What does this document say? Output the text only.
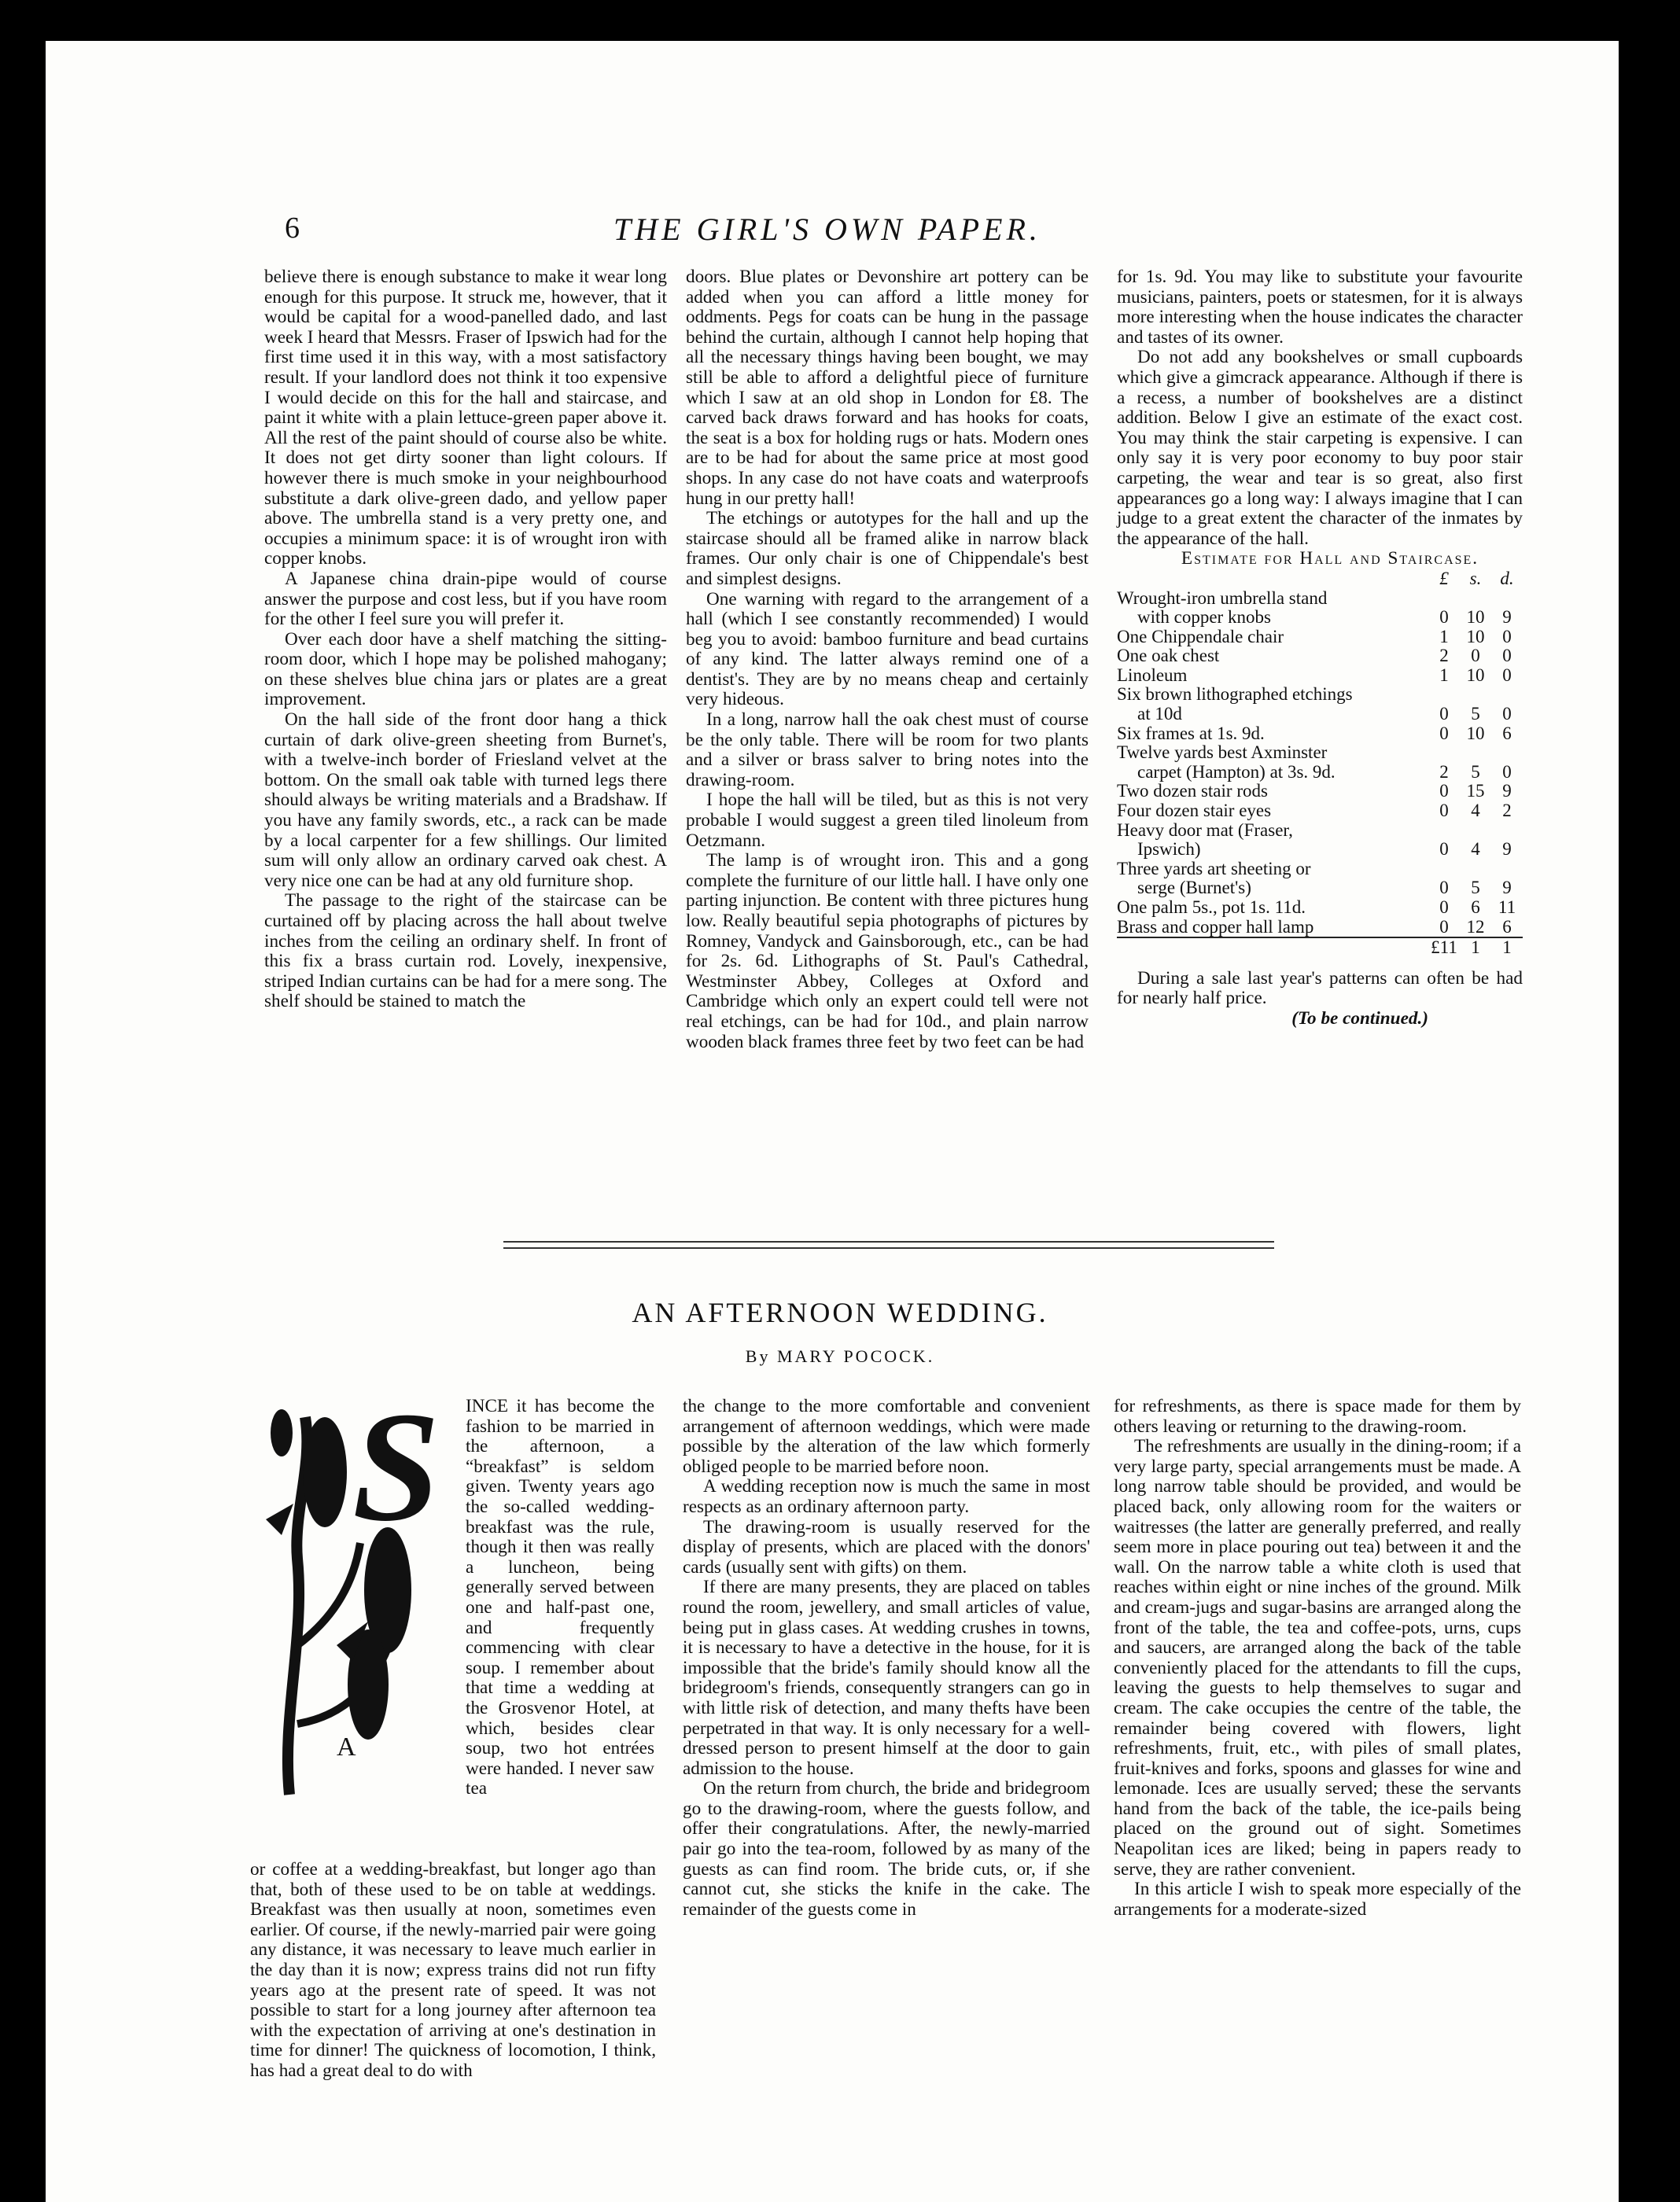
6	THE GIRL'S OWN PAPER.

believe there is enough substance to make it wear long enough for this purpose. It struck me, however, that it would be capital for a wood-panelled dado, and last week I heard that Messrs. Fraser of Ipswich had for the first time used it in this way, with a most satisfactory result. If your landlord does not think it too expensive I would decide on this for the hall and staircase, and paint it white with a plain lettuce-green paper above it. All the rest of the paint should of course also be white. It does not get dirty sooner than light colours. If however there is much smoke in your neighbourhood substitute a dark olive-green dado, and yellow paper above. The umbrella stand is a very pretty one, and occupies a minimum space: it is of wrought iron with copper knobs.

A Japanese china drain-pipe would of course answer the purpose and cost less, but if you have room for the other I feel sure you will prefer it.

Over each door have a shelf matching the sitting-room door, which I hope may be polished mahogany; on these shelves blue china jars or plates are a great improvement.

On the hall side of the front door hang a thick curtain of dark olive-green sheeting from Burnet's, with a twelve-inch border of Friesland velvet at the bottom. On the small oak table with turned legs there should always be writing materials and a Bradshaw. If you have any family swords, etc., a rack can be made by a local carpenter for a few shillings. Our limited sum will only allow an ordinary carved oak chest. A very nice one can be had at any old furniture shop.

The passage to the right of the staircase can be curtained off by placing across the hall about twelve inches from the ceiling an ordinary shelf. In front of this fix a brass curtain rod. Lovely, inexpensive, striped Indian curtains can be had for a mere song. The shelf should be stained to match the

doors. Blue plates or Devonshire art pottery can be added when you can afford a little money for oddments. Pegs for coats can be hung in the passage behind the curtain, although I cannot help hoping that all the necessary things having been bought, we may still be able to afford a delightful piece of furniture which I saw at an old shop in London for £8. The carved back draws forward and has hooks for coats, the seat is a box for holding rugs or hats. Modern ones are to be had for about the same price at most good shops. In any case do not have coats and waterproofs hung in our pretty hall!

The etchings or autotypes for the hall and up the staircase should all be framed alike in narrow black frames. Our only chair is one of Chippendale's best and simplest designs.

One warning with regard to the arrangement of a hall (which I see constantly recommended) I would beg you to avoid: bamboo furniture and bead curtains of any kind. The latter always remind one of a dentist's. They are by no means cheap and certainly very hideous.

In a long, narrow hall the oak chest must of course be the only table. There will be room for two plants and a silver or brass salver to bring notes into the drawing-room.

I hope the hall will be tiled, but as this is not very probable I would suggest a green tiled linoleum from Oetzmann.

The lamp is of wrought iron. This and a gong complete the furniture of our little hall. I have only one parting injunction. Be content with three pictures hung low. Really beautiful sepia photographs of pictures by Romney, Vandyck and Gainsborough, etc., can be had for 2s. 6d. Lithographs of St. Paul's Cathedral, Westminster Abbey, Colleges at Oxford and Cambridge which only an expert could tell were not real etchings, can be had for 10d., and plain narrow wooden black frames three feet by two feet can be had

for 1s. 9d. You may like to substitute your favourite musicians, painters, poets or statesmen, for it is always more interesting when the house indicates the character and tastes of its owner.

Do not add any bookshelves or small cupboards which give a gimcrack appearance. Although if there is a recess, a number of bookshelves are a distinct addition. Below I give an estimate of the exact cost. You may think the stair carpeting is expensive. I can only say it is very poor economy to buy poor stair carpeting, the wear and tear is so great, also first appearances go a long way: I always imagine that I can judge to a great extent the character of the inmates by the appearance of the hall.

Estimate for Hall and Staircase.

	£	s.	d.

Wrought-iron umbrella stand
with copper knobs	0	10	9
One Chippendale chair	1	10	0
One oak chest	2	0	0
Linoleum	1	10	0

Six brown lithographed etchings
at 10d	0	5	0
Six frames at 1s. 9d.	0	10	6

Twelve yards best Axminster
carpet (Hampton) at 3s. 9d.	2	5	0
Two dozen stair rods	0	15	9
Four dozen stair eyes	0	4	2

Heavy door mat (Fraser,
Ipswich)	0	4	9

Three yards art sheeting or
serge (Burnet's)	0	5	9
One palm 5s., pot 1s. 11d.	0	6	11
Brass and copper hall lamp	0	12	6
	£11	1	1

During a sale last year's patterns can often be had for nearly half price.

(To be continued.)

AN AFTERNOON WEDDING.
By MARY POCOCK.
S
A

INCE it has become the fashion to be married in the afternoon, a “breakfast” is seldom given. Twenty years ago the so-called wedding-breakfast was the rule, though it then was really a luncheon, being generally served between one and half-past one, and frequently commencing with clear soup. I remember about that time a wedding at the Grosvenor Hotel, at which, besides clear soup, two hot entrées were handed. I never saw tea

or coffee at a wedding-breakfast, but longer ago than that, both of these used to be on table at weddings. Breakfast was then usually at noon, sometimes even earlier. Of course, if the newly-married pair were going any distance, it was necessary to leave much earlier in the day than it is now; express trains did not run fifty years ago at the present rate of speed. It was not possible to start for a long journey after afternoon tea with the expectation of arriving at one's destination in time for dinner! The quickness of locomotion, I think, has had a great deal to do with

the change to the more comfortable and convenient arrangement of afternoon weddings, which were made possible by the alteration of the law which formerly obliged people to be married before noon.

A wedding reception now is much the same in most respects as an ordinary afternoon party.

The drawing-room is usually reserved for the display of presents, which are placed with the donors' cards (usually sent with gifts) on them.

If there are many presents, they are placed on tables round the room, jewellery, and small articles of value, being put in glass cases. At wedding crushes in towns, it is necessary to have a detective in the house, for it is impossible that the bride's family should know all the bridegroom's friends, consequently strangers can go in with little risk of detection, and many thefts have been perpetrated in that way. It is only necessary for a well-dressed person to present himself at the door to gain admission to the house.

On the return from church, the bride and bridegroom go to the drawing-room, where the guests follow, and offer their congratulations. After, the newly-married pair go into the tea-room, followed by as many of the guests as can find room. The bride cuts, or, if she cannot cut, she sticks the knife in the cake. The remainder of the guests come in

for refreshments, as there is space made for them by others leaving or returning to the drawing-room.

The refreshments are usually in the dining-room; if a very large party, special arrangements must be made. A long narrow table should be provided, and would be placed back, only allowing room for the waiters or waitresses (the latter are generally preferred, and really seem more in place pouring out tea) between it and the wall. On the narrow table a white cloth is used that reaches within eight or nine inches of the ground. Milk and cream-jugs and sugar-basins are arranged along the front of the table, the tea and coffee-pots, urns, cups and saucers, are arranged along the back of the table conveniently placed for the attendants to fill the cups, leaving the guests to help themselves to sugar and cream. The cake occupies the centre of the table, the remainder being covered with flowers, light refreshments, fruit, etc., with piles of small plates, fruit-knives and forks, spoons and glasses for wine and lemonade. Ices are usually served; these the servants hand from the back of the table, the ice-pails being placed on the ground out of sight. Sometimes Neapolitan ices are liked; being in papers ready to serve, they are rather convenient.

In this article I wish to speak more especially of the arrangements for a moderate-sized
